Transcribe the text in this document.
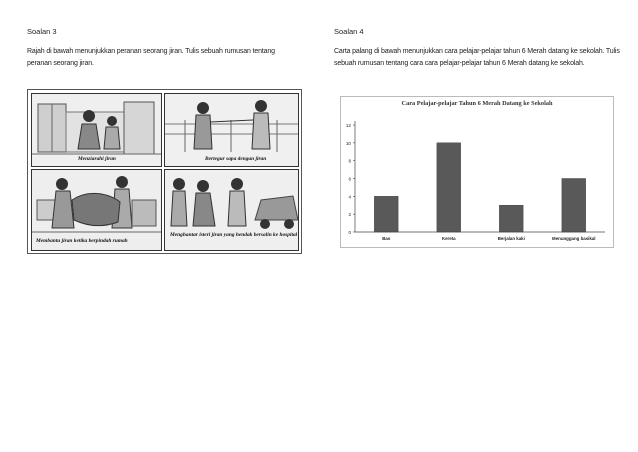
Soalan 3
Rajah di bawah menunjukkan peranan seorang jiran. Tulis sebuah rumusan tentang peranan seorang jiran.
Menziarahi jiran	Bertegur sapa dengan jiran
Membantu jiran ketika berpindah rumah
Menghantar isteri jiran yang hendak bersalin ke hospital
Soalan 4
Carta palang di bawah menunjukkan cara pelajar-pelajar tahun 6 Merah datang ke sekolah. Tulis sebuah rumusan tentang cara cara pelajar-pelajar tahun 6 Merah datang ke sekolah.
Cara Pelajar-pelajar Tahun 6 Merah Datang ke Sekolah
0
2
4
6
8
10
12
Bas	Kereta	Berjalan kaki	Menunggang basikal
